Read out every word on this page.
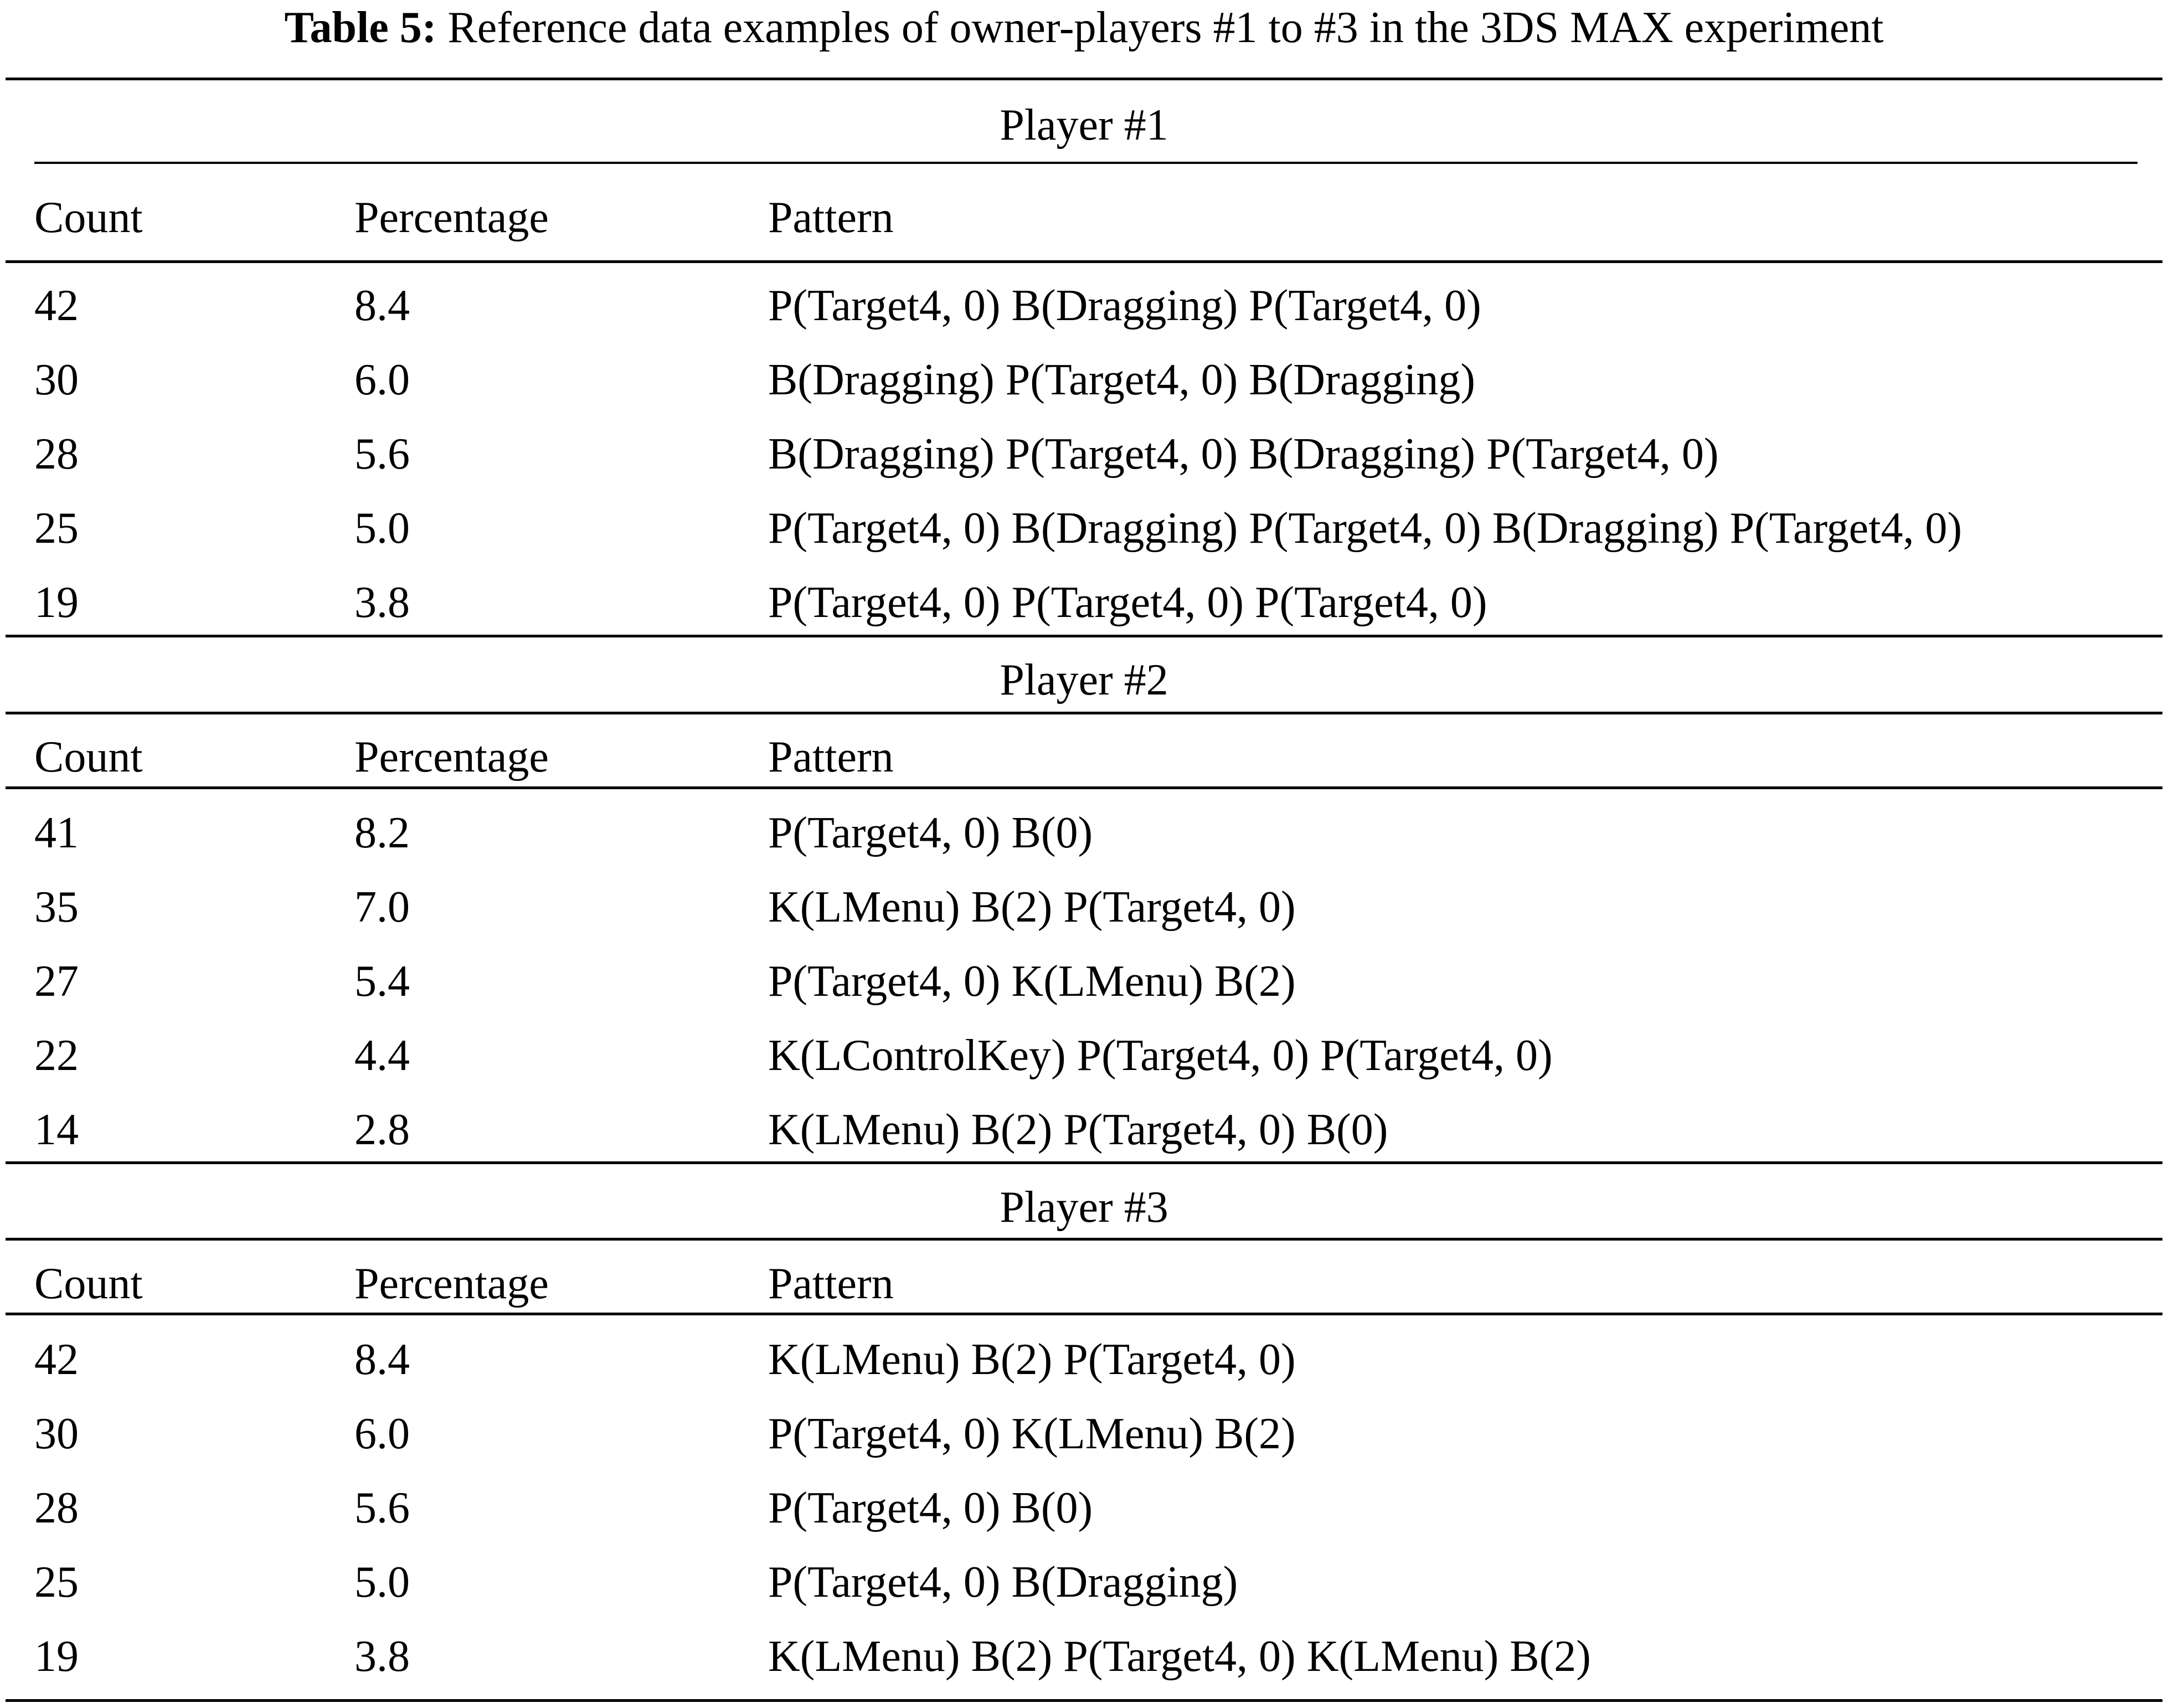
Table 5: Reference data examples of owner-players #1 to #3 in the 3DS MAX experiment
Player #1
Count	Percentage	Pattern
42	8.4	P(Target4, 0) B(Dragging) P(Target4, 0)
30	6.0	B(Dragging) P(Target4, 0) B(Dragging)
28	5.6	B(Dragging) P(Target4, 0) B(Dragging) P(Target4, 0)
25	5.0	P(Target4, 0) B(Dragging) P(Target4, 0) B(Dragging) P(Target4, 0)
19	3.8	P(Target4, 0) P(Target4, 0) P(Target4, 0)
Player #2
Count	Percentage	Pattern
41	8.2	P(Target4, 0) B(0)
35	7.0	K(LMenu) B(2) P(Target4, 0)
27	5.4	P(Target4, 0) K(LMenu) B(2)
22	4.4	K(LControlKey) P(Target4, 0) P(Target4, 0)
14	2.8	K(LMenu) B(2) P(Target4, 0) B(0)
Player #3
Count	Percentage	Pattern
42	8.4	K(LMenu) B(2) P(Target4, 0)
30	6.0	P(Target4, 0) K(LMenu) B(2)
28	5.6	P(Target4, 0) B(0)
25	5.0	P(Target4, 0) B(Dragging)
19	3.8	K(LMenu) B(2) P(Target4, 0) K(LMenu) B(2)
